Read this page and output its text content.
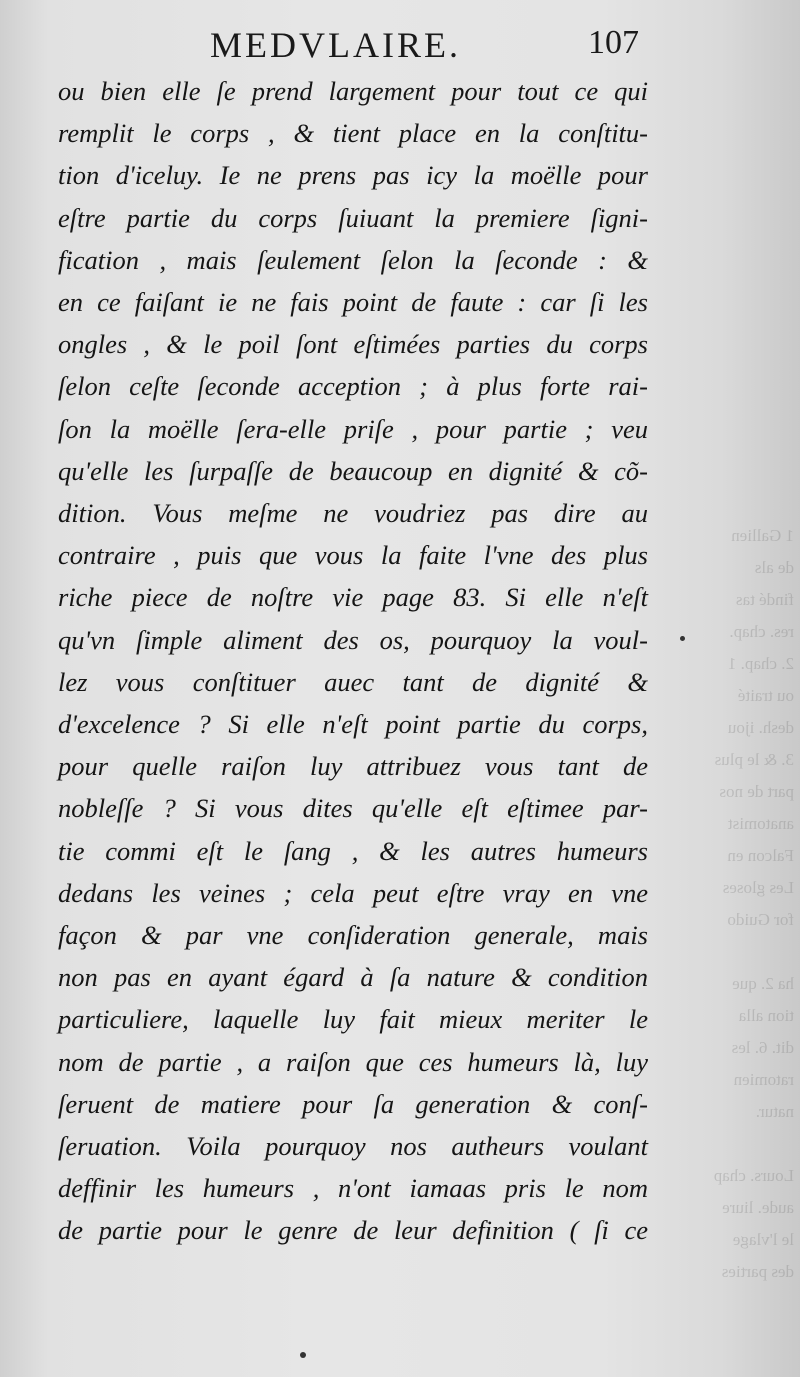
1 Gallien
de als
findé tas
res. chap.
2. chap. 1
ou traité
desh. ijou
3. & le plus
part de nos
anatomist
Falcon en
Les gloses
for Guido

ha 2. que
tion alla
dit. 6. les
ratomien
natur.

Lours. chap
aude. liure
le l'vlage
des parties
MEDVLAIRE.	107
ou bien elle ſe prend largement pour tout ce qui
remplit le corps , & tient place en la conſtitu-
tion d'iceluy. Ie ne prens pas icy la moëlle pour
eſtre partie du corps ſuiuant la premiere ſigni-
fication , mais ſeulement ſelon la ſeconde : &
en ce faiſant ie ne fais point de faute : car ſi les
ongles , & le poil ſont eſtimées parties du corps
ſelon ceſte ſeconde acception ; à plus forte rai-
ſon la moëlle ſera-elle priſe , pour partie ; veu
qu'elle les ſurpaſſe de beaucoup en dignité & cõ-
dition. Vous meſme ne voudriez pas dire au
contraire , puis que vous la faite l'vne des plus
riche piece de noſtre vie page 83. Si elle n'eſt
qu'vn ſimple aliment des os, pourquoy la voul-
lez vous conſtituer auec tant de dignité &
d'excelence ? Si elle n'eſt point partie du corps,
pour quelle raiſon luy attribuez vous tant de
nobleſſe ? Si vous dites qu'elle eſt eſtimee par-
tie commi eſt le ſang , & les autres humeurs
dedans les veines ; cela peut eſtre vray en vne
façon & par vne conſideration generale, mais
non pas en ayant égard à ſa nature & condition
particuliere, laquelle luy fait mieux meriter le
nom de partie , a raiſon que ces humeurs là, luy
ſeruent de matiere pour ſa generation & conſ-
ſeruation. Voila pourquoy nos autheurs voulant
deffinir les humeurs , n'ont iamaas pris le nom
de partie pour le genre de leur definition ( ſi ce
